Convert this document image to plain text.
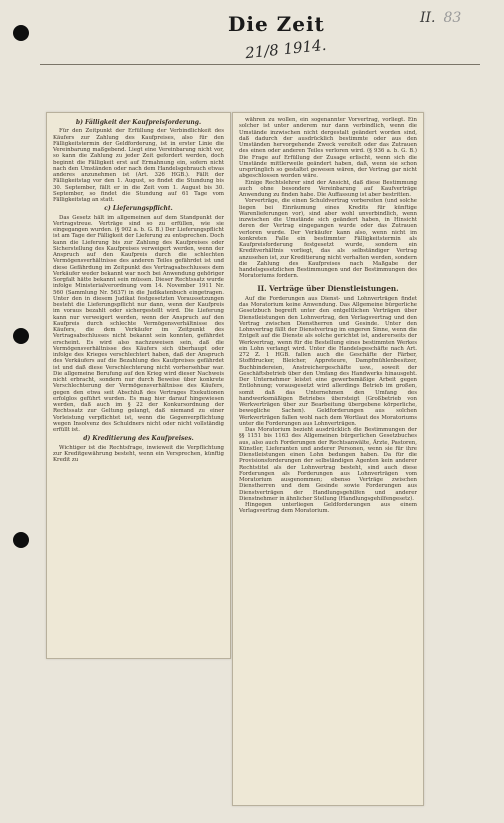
Die Zeit
21/8 1914.
II. 83

b) Fälligkeit der Kaufpreisforderung.

Für den Zeitpunkt der Erfüllung der Verbindlichkeit des Käufers zur Zahlung des Kaufpreises, also für den Fälligkeitstermin der Geldforderung, ist in erster Linie die Vereinbarung maßgebend. Liegt eine Vereinbarung nicht vor, so kann die Zahlung zu jeder Zeit gefordert werden, doch beginnt die Fälligkeit erst auf Ermahnung ein, sofern nicht nach den Umständen oder nach dem Handelsgebrauch etwas anderes anzunehmen ist (Art. 326 HGB.). Fällt der Fälligkeitstag vor den 1. August, so findet die Stundung bis 30. September, fällt er in die Zeit vom 1. August bis 30. September, so findet die Stundung auf 61 Tage vom Fälligkeitstag an statt.

c) Lieferungspflicht.

Das Gesetz hält im allgemeinen auf dem Standpunkt der Vertragstreue. Verträge sind so zu erfüllen, wie sie eingegangen wurden. (§ 902 a. b. G. B.) Der Lieferungspflicht ist am Tage der Fälligkeit der Lieferung zu entsprechen. Doch kann die Lieferung bis zur Zahlung des Kaufpreises oder Sicherstellung des Kaufpreises verweigert werden, wenn der Anspruch auf den Kaufpreis durch die schlechten Vermögensverhältnisse des anderen Teiles gefährdet ist und diese Gefährdung im Zeitpunkt des Vertragsabschlusses dem Verkäufer weder bekannt war noch bei Anwendung gehöriger Sorgfalt hätte bekannt sein müssen. Dieser Rechtssatz wurde infolge Ministerialverordnung vom 14. November 1911 Nr. 560 (Sammlung Nr. 5637) in die Judikatenbuch eingetragen. Unter den in diesem Judikat festgesetzten Voraussetzungen besteht die Lieferungspflicht nur dann, wenn der Kaufpreis im voraus bezahlt oder sichergestellt wird. Die Lieferung kann nur verweigert werden, wenn der Anspruch auf den Kaufpreis durch schlechte Vermögensverhältnisse des Käufers, die dem Verkäufer im Zeitpunkt des Vertragsabschlusses nicht bekannt sein konnten, gefährdet erscheint. Es wird also nachzuweisen sein, daß die Vermögensverhältnisse des Käufers sich überhaupt oder infolge des Krieges verschlechtert haben, daß der Anspruch des Verkäufers auf die Bezahlung des Kaufpreises gefährdet ist und daß diese Verschlechterung nicht vorhersehbar war. Die allgemeine Berufung auf den Krieg wird dieser Nachweis nicht erbracht, sondern nur durch Beweise über konkrete Verschlechterung der Vermögensverhältnisse des Käufers, gegen den etwa seit Abschluß des Vertrages Exekutionen erfolglos geführt wurden. Es mag hier darauf hingewiesen werden, daß auch im § 22 der Konkursordnung der Rechtssatz zur Geltung gelangt, daß niemand zu einer Vorleistung verpflichtet ist, wenn die Gegenverpflichtung wegen Insolvenz des Schuldners nicht oder nicht vollständig erfüllt ist.

d) Kreditierung des Kaufpreises.

Wichtiger ist die Rechtsfrage, inwieweit die Verpflichtung zur Kreditgewährung besteht, wenn ein Versprechen, künftig Kredit zu

währen zu wollen, ein sogenannter Vorvertrag, vorliegt. Ein solcher ist unter anderem nur dann verbindlich, wenn die Umstände inzwischen nicht dergestalt geändert worden sind, daß dadurch der ausdrücklich bestimmte oder aus den Umständen hervorgehende Zweck vereitelt oder das Zutrauen des einen oder anderen Teiles verloren wird. (§ 936 a. b. G. B.) Die Frage auf Erfüllung der Zusage erlischt, wenn sich die Umstände mittlerweile geändert haben, daß, wenn sie schon ursprünglich so gestaltet gewesen wären, der Vertrag gar nicht abgeschlossen worden wäre.

Einige Rechtslehrer sind der Ansicht, daß diese Bestimmung auch ohne besondere Vereinbarung auf Kaufverträge Anwendung zu finden habe. Die Auffassung ist aber bestritten.

Vorverträge, die einen Schuldvertrag vorbereiten (und solche liegen bei Einräumung eines Kredits für künftige Warenlieferungen vor), sind aber wohl unverbindlich, wenn inzwischen die Umstände sich geändert haben, in Hinsicht deren der Vertrag eingegangen wurde oder das Zutrauen verloren wurde. Der Verkäufer kann also, wenn nicht im konkreten Falle ein bestimmter Fälligkeitstermin als Kaufpreisforderung festgesetzt wurde, sondern ein Kreditverhältnis vorliegt, das als selbständiger Vertrag anzusehen ist, zur Kreditierung nicht verhalten werden, sondern die Zahlung des Kaufpreises nach Maßgabe der handelsgesetzlichen Bestimmungen und der Bestimmungen des Moratoriums fordern.

II. Verträge über Dienstleistungen.

Auf die Forderungen aus Dienst- und Lohnverträgen findet das Moratorium keine Anwendung. Das Allgemeine bürgerliche Gesetzbuch begreift unter den entgeltlichen Verträgen über Dienstleistungen den Lohnvertrag, den Verlagsvertrag und den Vertrag zwischen Dienstherren und Gesinde. Unter den Lohnvertrag fällt der Dienstvertrag im engeren Sinne, wenn die Entgelt auf die Dienste als solche gerichtet ist, andererseits der Werkvertrag, wenn für die Bestellung eines bestimmten Werkes ein Lohn verlangt wird. Unter die Handelsgeschäfte nach Art. 272 Z. 1 HGB. fallen auch die Geschäfte der Färber, Stoffdrucker, Bleicher, Appreteure, Dampfmühlenbesitzer, Buchbindereien, Anstreichergeschäfte usw., soweit der Geschäftsbetrieb über den Umfang des Handwerks hinausgeht. Der Unternehmer leistet eine gewerbsmäßige Arbeit gegen Entlohnung; vorausgesetzt wird allerdings Betrieb im großen, somit daß das Unternehmen den Umfang des handwerksmäßigen Betriebes übersteigt (Großbetrieb von Werkverträgen über zur Bearbeitung übergebene körperliche, bewegliche Sachen). Geldforderungen aus solchen Werkverträgen fallen wohl nach dem Wortlaut des Moratoriums unter die Forderungen aus Lohnverträgen.

Das Moratorium bezieht ausdrücklich die Bestimmungen der §§ 1151 bis 1163 des Allgemeinen bürgerlichen Gesetzbuches aus, also auch Forderungen der Rechtsanwälte, Ärzte, Pastoren, Künstler, Lieferanten und anderer Personen, wenn sie für ihre Dienstleistungen einen Lohn bedungen haben. Da für die Provisionsforderungen der selbständigen Agenten kein anderer Rechtstitel als der Lohnvertrag besteht, sind auch diese Forderungen als Forderungen aus Lohnverträgen vom Moratorium ausgenommen; ebenso Verträge zwischen Dienstherren und dem Gesinde sowie Forderungen aus Dienstverträgen der Handlungsgehilfen und anderer Dienstnehmer in ähnlicher Stellung (Handlungsgehilfengesetz).

Hingegen unterliegen Geldforderungen aus einem Verlagsvertrag dem Moratorium.
